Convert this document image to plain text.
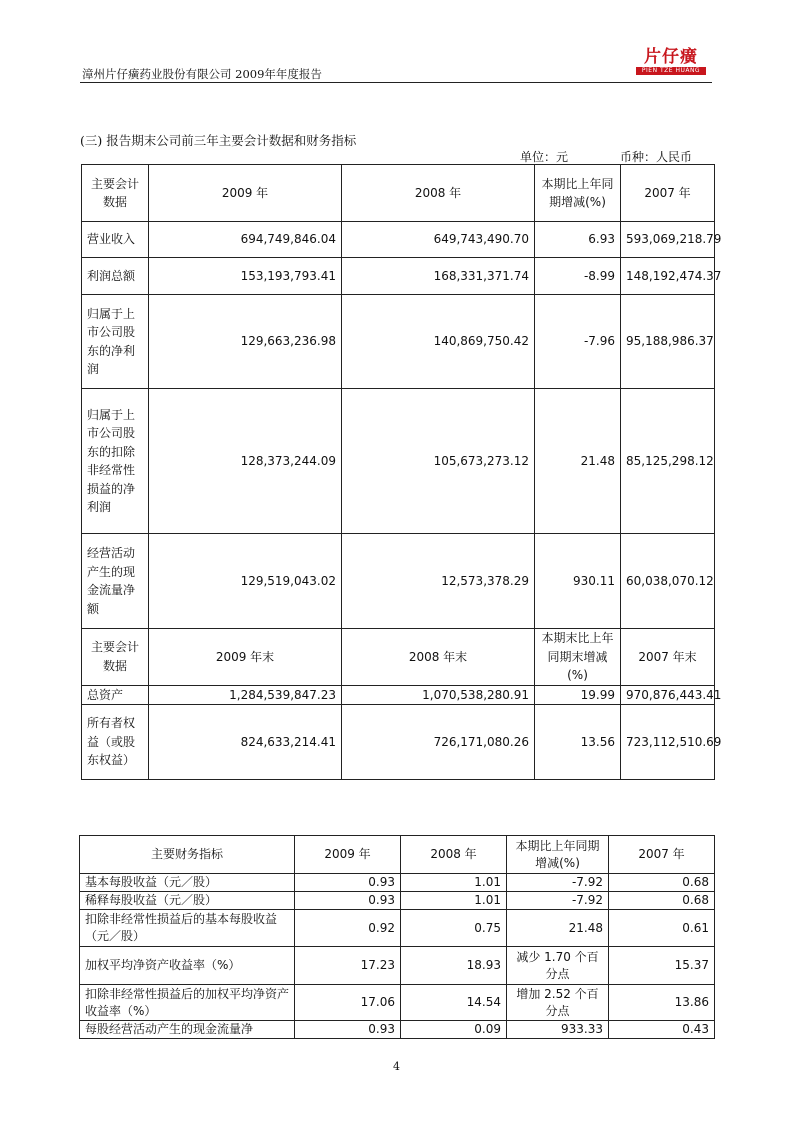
漳州片仔癀药业股份有限公司 2009年年度报告
片仔癀
PIEN TZE HUANG
(三) 报告期末公司前三年主要会计数据和财务指标
单位：元	币种：人民币
主要会计数据	2009 年	2008 年	本期比上年同期增减(%)	2007 年
营业收入	694,749,846.04	649,743,490.70	6.93	593,069,218.79
利润总额	153,193,793.41	168,331,371.74	-8.99	148,192,474.37
归属于上市公司股东的净利润	129,663,236.98	140,869,750.42	-7.96	95,188,986.37
归属于上市公司股东的扣除非经常性损益的净利润	128,373,244.09	105,673,273.12	21.48	85,125,298.12
经营活动产生的现金流量净额	129,519,043.02	12,573,378.29	930.11	60,038,070.12
主要会计数据	2009 年末	2008 年末	本期末比上年同期末增减(%)	2007 年末
总资产	1,284,539,847.23	1,070,538,280.91	19.99	970,876,443.41
所有者权益（或股东权益）	824,633,214.41	726,171,080.26	13.56	723,112,510.69
主要财务指标	2009 年	2008 年	本期比上年同期增减(%)	2007 年
基本每股收益（元／股）	0.93	1.01	-7.92	0.68
稀释每股收益（元／股）	0.93	1.01	-7.92	0.68
扣除非经常性损益后的基本每股收益（元／股）	0.92	0.75	21.48	0.61
加权平均净资产收益率（%）	17.23	18.93	减少 1.70 个百分点	15.37
扣除非经常性损益后的加权平均净资产收益率（%）	17.06	14.54	增加 2.52 个百分点	13.86
每股经营活动产生的现金流量净	0.93	0.09	933.33	0.43
4
